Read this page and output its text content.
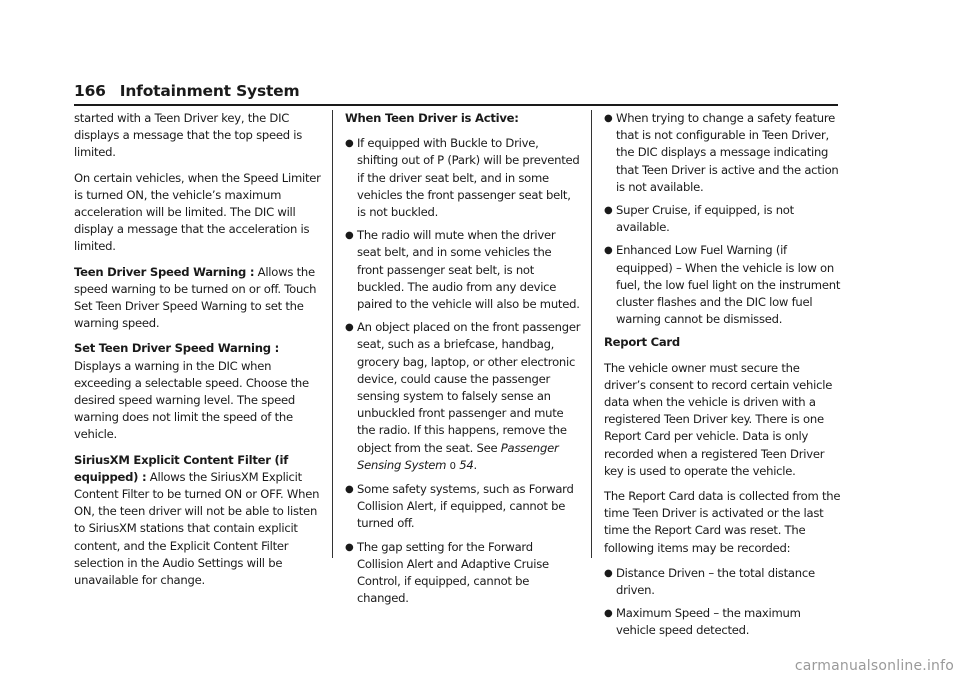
166 Infotainment System

started with a Teen Driver key, the DIC displays a message that the top speed is limited.

On certain vehicles, when the Speed Limiter is turned ON, the vehicle’s maximum acceleration will be limited. The DIC will display a message that the acceleration is limited.

Teen Driver Speed Warning : Allows the speed warning to be turned on or off. Touch Set Teen Driver Speed Warning to set the warning speed.

Set Teen Driver Speed Warning : Displays a warning in the DIC when exceeding a selectable speed. Choose the desired speed warning level. The speed warning does not limit the speed of the vehicle.

SiriusXM Explicit Content Filter (if equipped) : Allows the SiriusXM Explicit Content Filter to be turned ON or OFF. When ON, the teen driver will not be able to listen to SiriusXM stations that contain explicit content, and the Explicit Content Filter selection in the Audio Settings will be unavailable for change.

When Teen Driver is Active:

● If equipped with Buckle to Drive, shifting out of P (Park) will be prevented if the driver seat belt, and in some vehicles the front passenger seat belt, is not buckled.
● The radio will mute when the driver seat belt, and in some vehicles the front passenger seat belt, is not buckled. The audio from any device paired to the vehicle will also be muted.
● An object placed on the front passenger seat, such as a briefcase, handbag, grocery bag, laptop, or other electronic device, could cause the passenger sensing system to falsely sense an unbuckled front passenger and mute the radio. If this happens, remove the object from the seat. See Passenger Sensing System 0 54.
● Some safety systems, such as Forward Collision Alert, if equipped, cannot be turned off.
● The gap setting for the Forward Collision Alert and Adaptive Cruise Control, if equipped, cannot be changed.
● When trying to change a safety feature that is not configurable in Teen Driver, the DIC displays a message indicating that Teen Driver is active and the action is not available.
● Super Cruise, if equipped, is not available.
● Enhanced Low Fuel Warning (if equipped) – When the vehicle is low on fuel, the low fuel light on the instrument cluster flashes and the DIC low fuel warning cannot be dismissed.

Report Card

The vehicle owner must secure the driver’s consent to record certain vehicle data when the vehicle is driven with a registered Teen Driver key. There is one Report Card per vehicle. Data is only recorded when a registered Teen Driver key is used to operate the vehicle.

The Report Card data is collected from the time Teen Driver is activated or the last time the Report Card was reset. The following items may be recorded:

● Distance Driven – the total distance driven.
● Maximum Speed – the maximum vehicle speed detected.
carmanualsonline.info
